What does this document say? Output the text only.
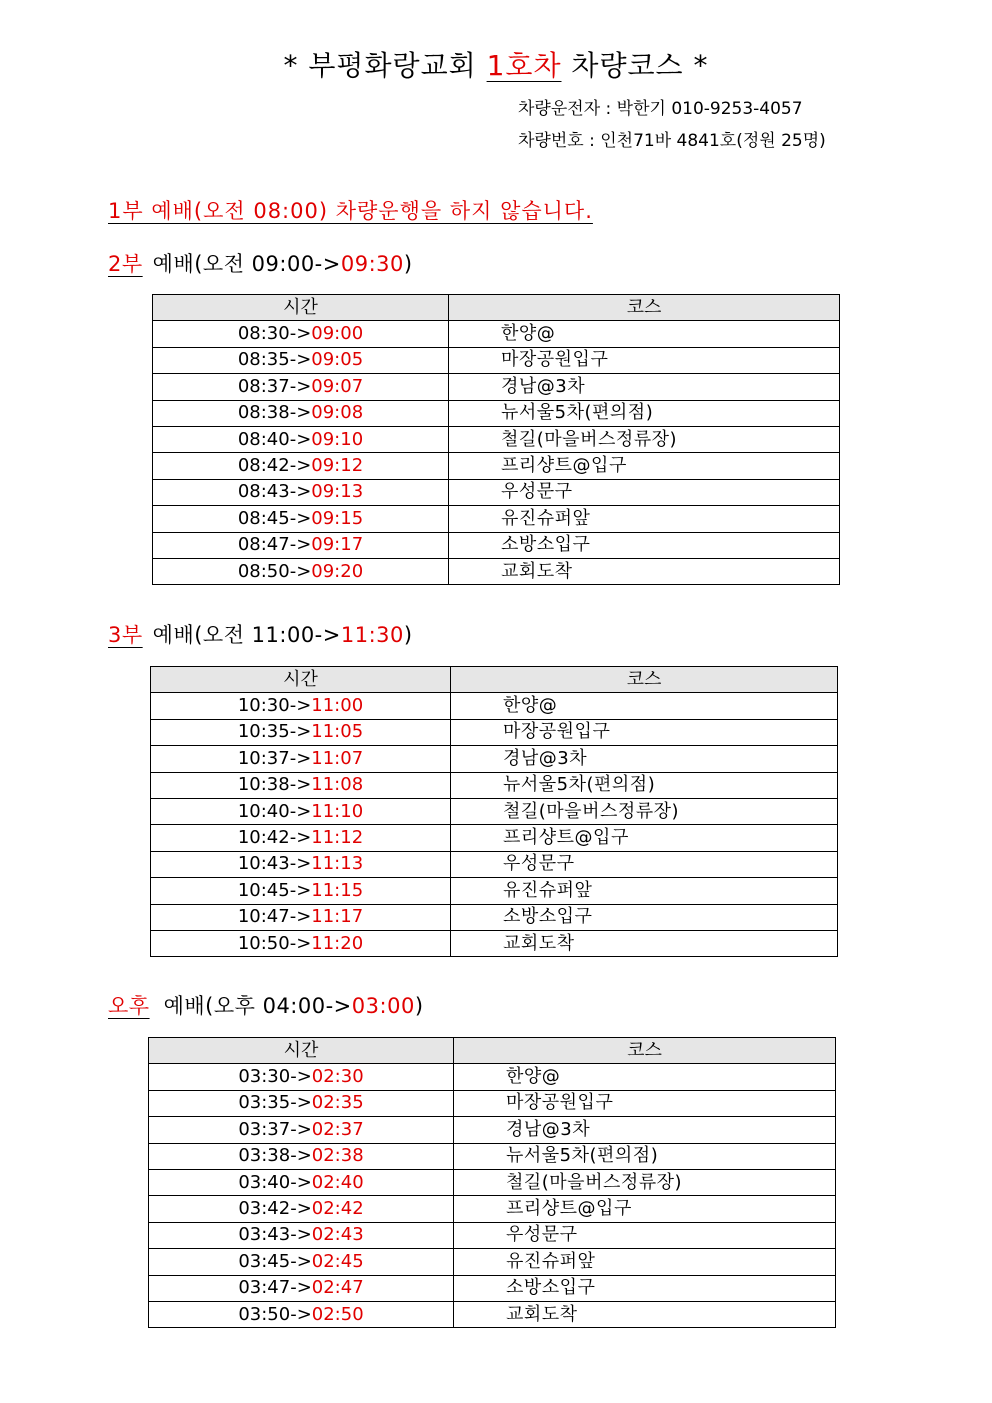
* 부평화랑교회 1호차 차량코스 *
차량운전자 : 박한기 010-9253-4057
차량번호 : 인천71바 4841호(정원 25명)
1부 예배(오전 08:00) 차량운행을 하지 않습니다.
2부 예배(오전 09:00->09:30)
시간	코스
08:30->09:00	한양@
08:35->09:05	마장공원입구
08:37->09:07	경남@3차
08:38->09:08	뉴서울5차(편의점)
08:40->09:10	철길(마을버스정류장)
08:42->09:12	프리샹트@입구
08:43->09:13	우성문구
08:45->09:15	유진슈퍼앞
08:47->09:17	소방소입구
08:50->09:20	교회도착
3부 예배(오전 11:00->11:30)
시간	코스
10:30->11:00	한양@
10:35->11:05	마장공원입구
10:37->11:07	경남@3차
10:38->11:08	뉴서울5차(편의점)
10:40->11:10	철길(마을버스정류장)
10:42->11:12	프리샹트@입구
10:43->11:13	우성문구
10:45->11:15	유진슈퍼앞
10:47->11:17	소방소입구
10:50->11:20	교회도착
오후 예배(오후 04:00->03:00)
시간	코스
03:30->02:30	한양@
03:35->02:35	마장공원입구
03:37->02:37	경남@3차
03:38->02:38	뉴서울5차(편의점)
03:40->02:40	철길(마을버스정류장)
03:42->02:42	프리샹트@입구
03:43->02:43	우성문구
03:45->02:45	유진슈퍼앞
03:47->02:47	소방소입구
03:50->02:50	교회도착
